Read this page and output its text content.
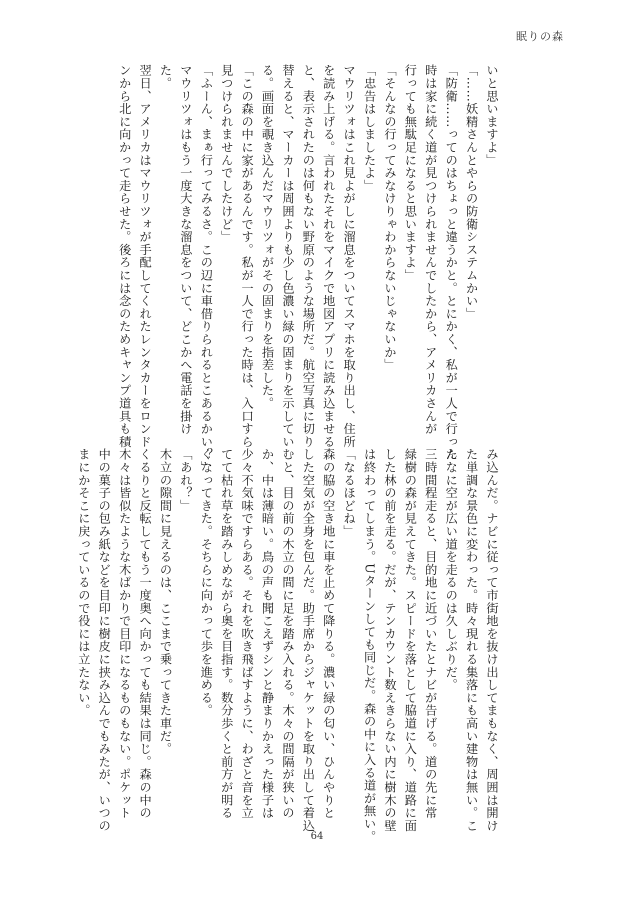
眠りの森

いと思いますよ」

「……妖精さんとやらの防衛システムかい」

「防衛……ってのはちょっと違うかと。とにかく、私が一人で行った

時は家に続く道が見つけられませんでしたから、アメリカさんが

行っても無駄足になると思いますよ」

「そんなの行ってみなけりゃわからないじゃないか」

「忠告はしましたよ」

マウリツォはこれ見よがしに溜息をついてスマホを取り出し、住所

を読み上げる。言われたそれをマイクで地図アプリに読み込ませる

と、表示されたのは何もない野原のような場所だ。航空写真に切り

替えると、マーカーは周囲よりも少し色濃い緑の固まりを示してい

る。画面を覗き込んだマウリツォがその固まりを指差した。

「この森の中に家があるんです。私が一人で行った時は、入口すら

見つけられませんでしたけど」

「ふーん、まぁ行ってみるさ。この辺に車借りられるとこあるかい？」

マウリツォはもう一度大きな溜息をついて、どこかへ電話を掛け

た。

翌日、アメリカはマウリツォが手配してくれたレンタカーをロンド

ンから北に向かって走らせた。後ろには念のためキャンプ道具も積

み込んだ。ナビに従って市街地を抜け出してまもなく、周囲は開け

た単調な景色に変わった。時々現れる集落にも高い建物は無い。こ

んなに空が広い道を走るのは久しぶりだ。

三時間程走ると、目的地に近づいたとナビが告げる。道の先に常

緑樹の森が見えてきた。スピードを落として脇道に入り、道路に面

した林の前を走る。だが、テンカウント数えきらない内に樹木の壁

は終わってしまう。Uターンしても同じだ。森の中に入る道が無い。

「なるほどね」

森の脇の空き地に車を止めて降りる。濃い緑の匂い、ひんやりと

した空気が全身を包んだ。助手席からジャケットを取り出して着込

むと、目の前の木立の間に足を踏み入れる。木々の間隔が狭いの

か、中は薄暗い。鳥の声も聞こえずシンと静まりかえった様子は

少々不気味ですらある。それを吹き飛ばすように、わざと音を立

てて枯れ草を踏みしめながら奥を目指す。数分歩くと前方が明る

くなってきた。そちらに向かって歩を進める。

「あれ？」

木立の隙間に見えるのは、ここまで乗ってきた車だ。

くるりと反転してもう一度奥へ向かっても結果は同じ。森の中の

木々は皆似たような木ばかりで目印になるものもない。ポケット

中の菓子の包み紙などを目印に樹皮に挟み込んでもみたが、いつの

まにかそこに戻っているので役には立たない。

64
